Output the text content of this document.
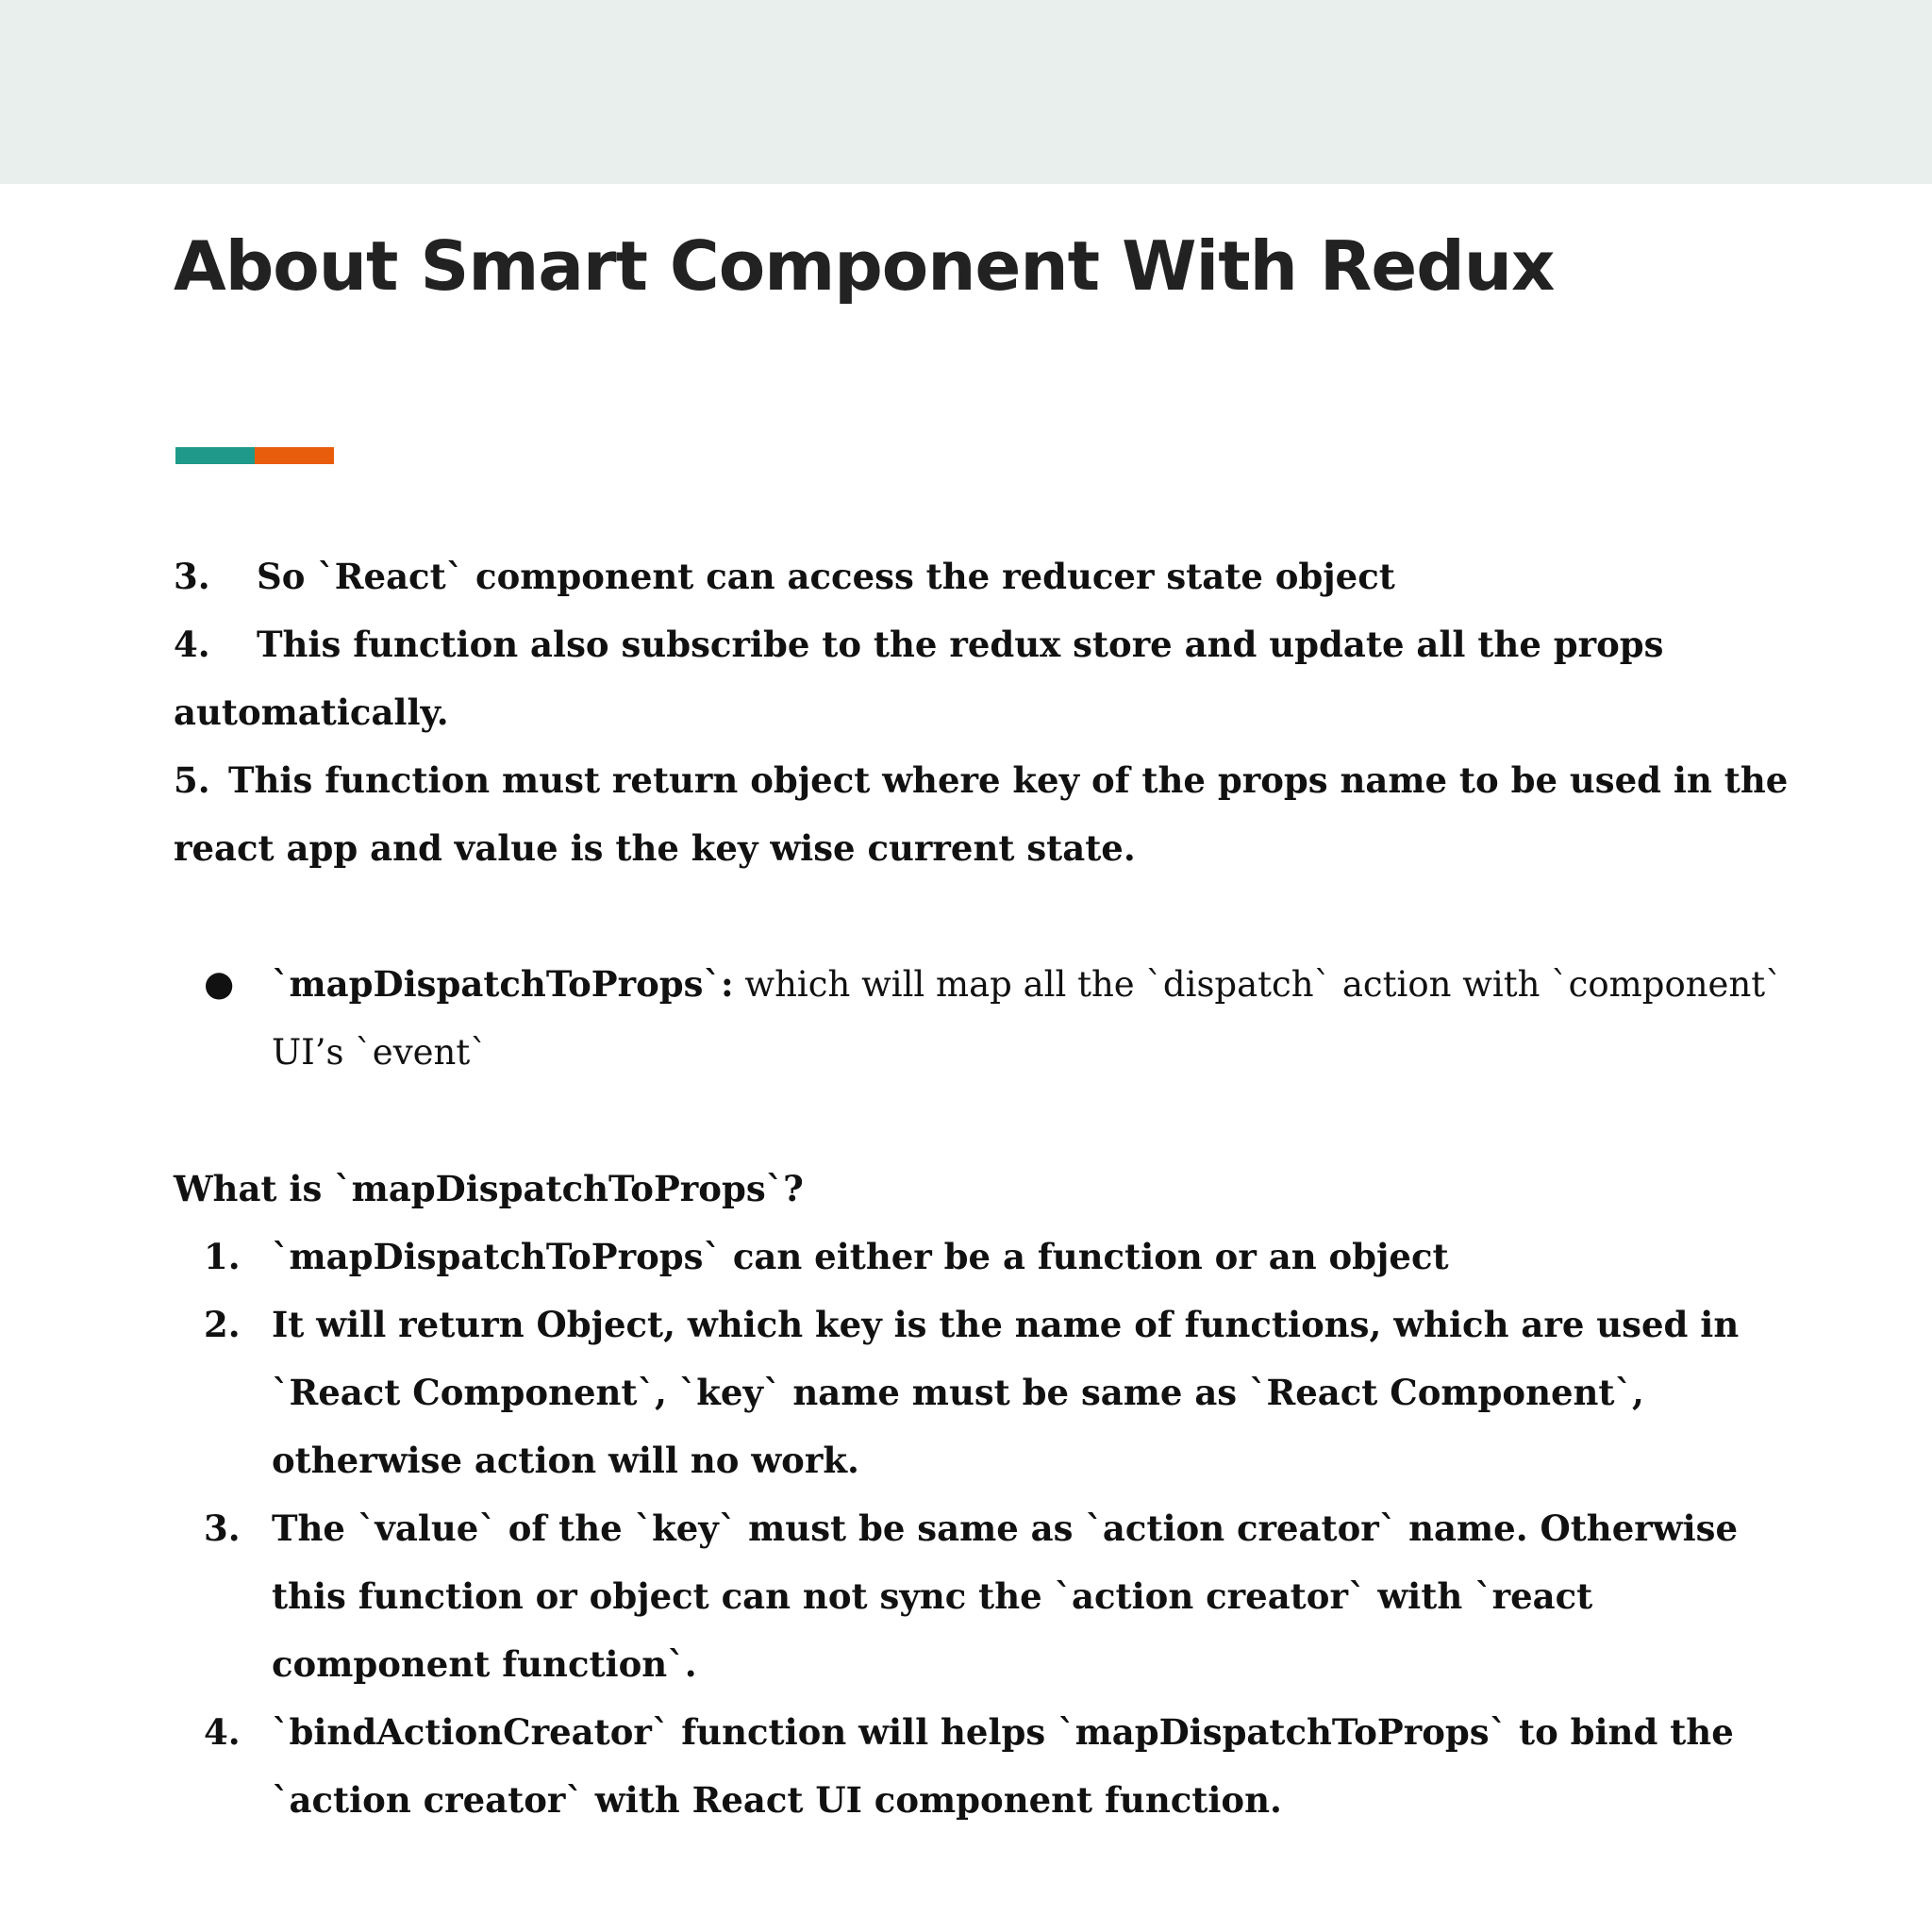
About Smart Component With Redux

3. So `React` component can access the reducer state object

4. This function also subscribe to the redux store and update all the props

automatically.

5. This function must return object where key of the props name to be used in the

react app and value is the key wise current state.

● `mapDispatchToProps`: which will map all the `dispatch` action with `component`

UI’s `event`

What is `mapDispatchToProps`?

1. `mapDispatchToProps` can either be a function or an object

2. It will return Object, which key is the name of functions, which are used in

`React Component`, `key` name must be same as `React Component`,

otherwise action will no work.

3. The `value` of the `key` must be same as `action creator` name. Otherwise

this function or object can not sync the `action creator` with `react

component function`.

4. `bindActionCreator` function will helps `mapDispatchToProps` to bind the

`action creator` with React UI component function.
